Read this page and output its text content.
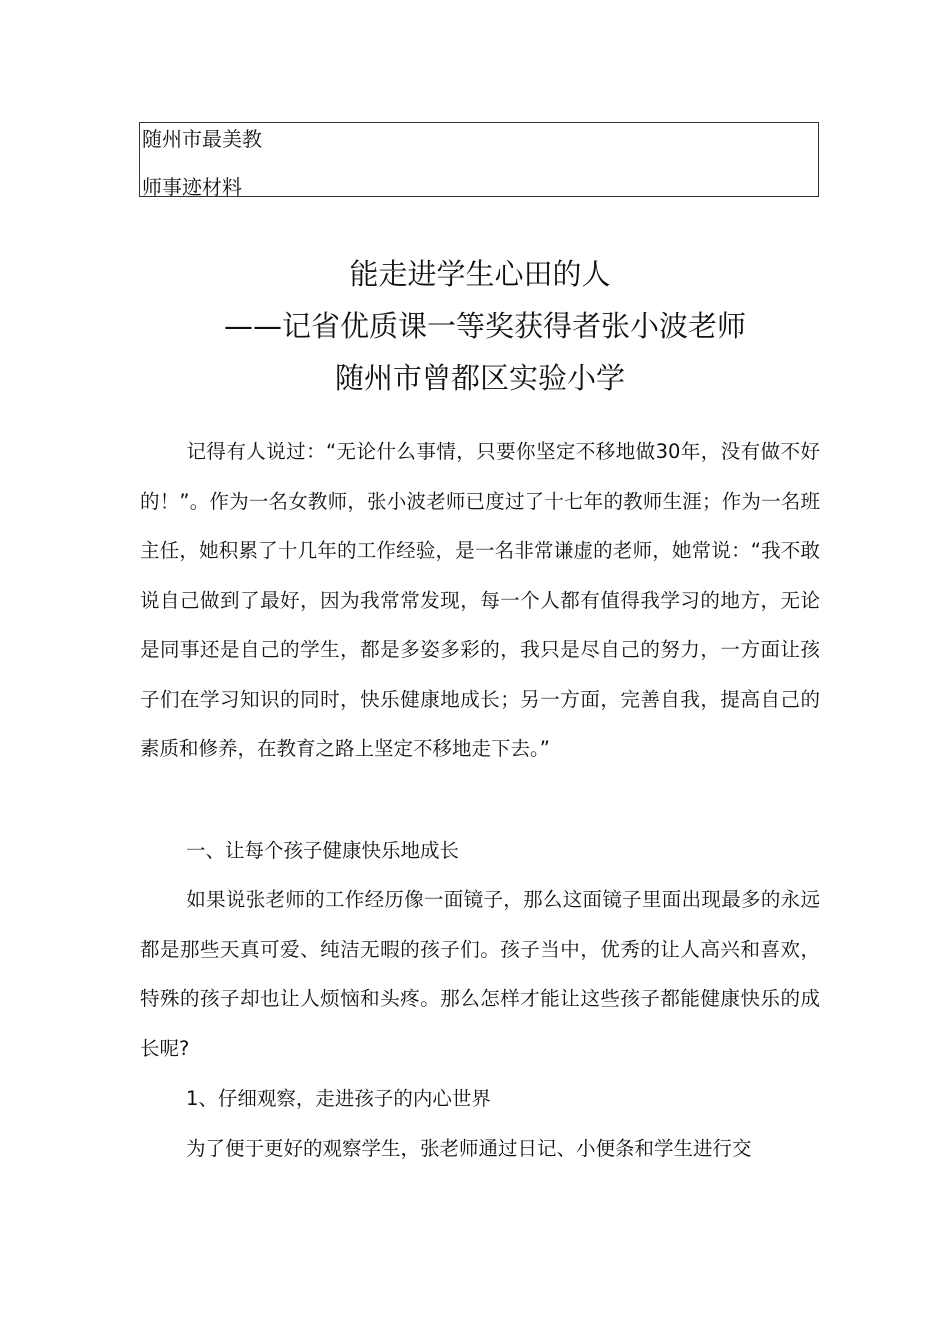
随州市最美教
师事迹材料
能走进学生心田的人
——记省优质课一等奖获得者张小波老师
随州市曾都区实验小学

记得有人说过：“无论什么事情，只要你坚定不移地做30年，没有做不好的！”。作为一名女教师，张小波老师已度过了十七年的教师生涯；作为一名班主任，她积累了十几年的工作经验，是一名非常谦虚的老师，她常说：“我不敢说自己做到了最好，因为我常常发现，每一个人都有值得我学习的地方，无论是同事还是自己的学生，都是多姿多彩的，我只是尽自己的努力，一方面让孩子们在学习知识的同时，快乐健康地成长；另一方面，完善自我，提高自己的素质和修养，在教育之路上坚定不移地走下去。”

一、让每个孩子健康快乐地成长

如果说张老师的工作经历像一面镜子，那么这面镜子里面出现最多的永远都是那些天真可爱、纯洁无暇的孩子们。孩子当中，优秀的让人高兴和喜欢，特殊的孩子却也让人烦恼和头疼。那么怎样才能让这些孩子都能健康快乐的成长呢?

1、仔细观察，走进孩子的内心世界

为了便于更好的观察学生，张老师通过日记、小便条和学生进行交
